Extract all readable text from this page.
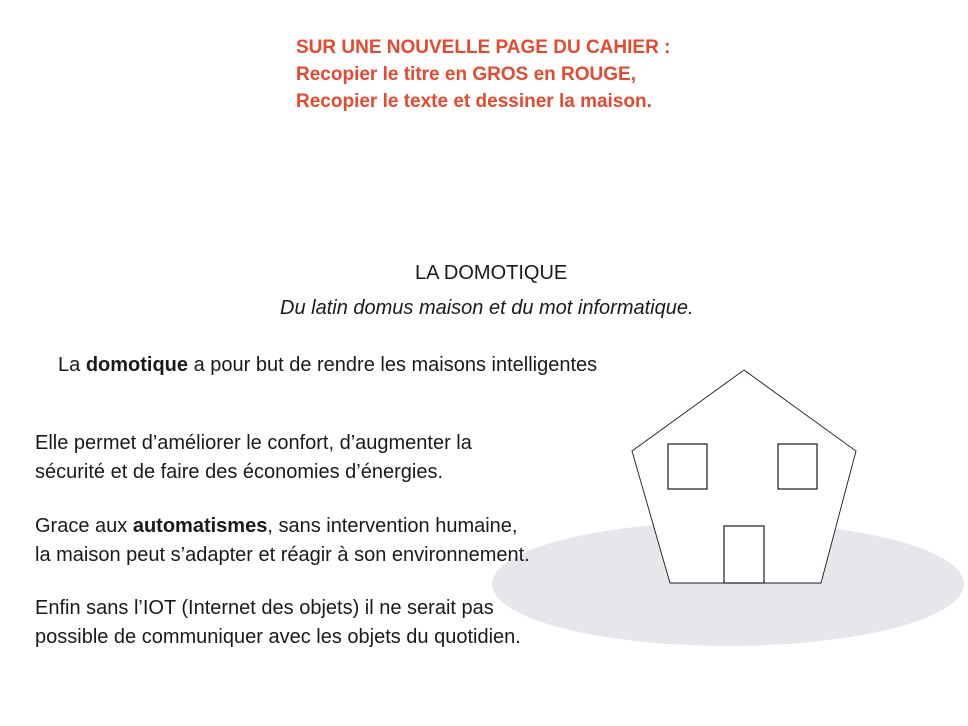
SUR UNE NOUVELLE PAGE DU CAHIER :
Recopier le titre en GROS en ROUGE,
Recopier le texte et dessiner la maison.
LA DOMOTIQUE
Du latin domus maison et du mot informatique.
La domotique a pour but de rendre les maisons intelligentes
Elle permet d’améliorer le confort, d’augmenter la
sécurité et de faire des économies d’énergies.
Grace aux automatismes, sans intervention humaine,
la maison peut s’adapter et réagir à son environnement.
Enfin sans l’IOT (Internet des objets) il ne serait pas
possible de communiquer avec les objets du quotidien.
